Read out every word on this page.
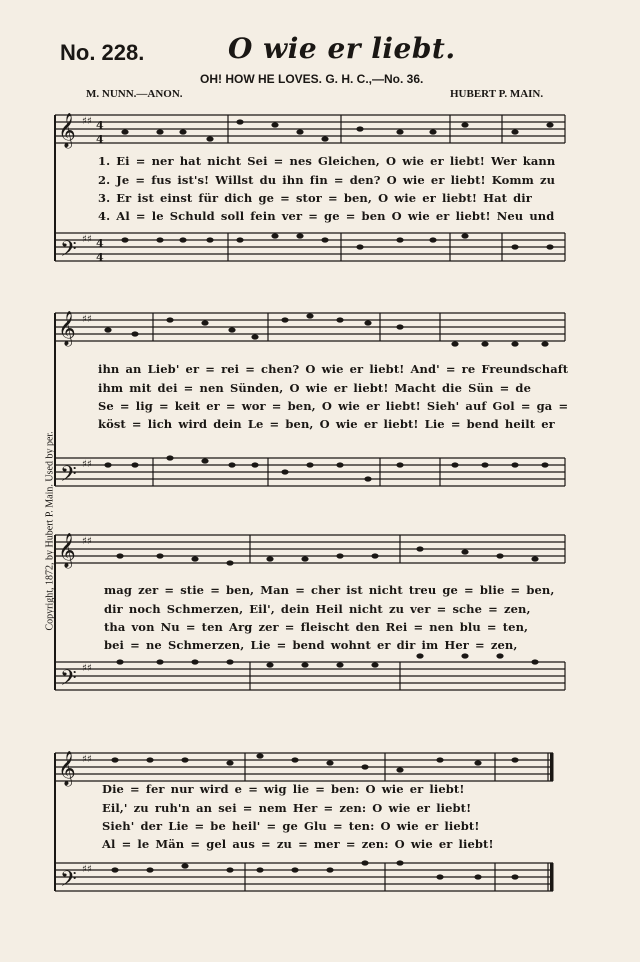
No. 228.	O wie er liebt.
OH! HOW HE LOVES. G. H. C.,—No. 36.
M. NUNN.—ANON.	HUBERT P. MAIN.
Copyright, 1872, by Hubert P. Main. Used by per.
𝄞
𝄢
♯♯
♯♯
4
4
4
4
1. Ei = ner hat nicht Sei = nes Gleichen, O wie er liebt! Wer kann
2. Je = fus ist's! Willst du ihn fin = den? O wie er liebt! Komm zu
3. Er ist einst für dich ge = stor = ben, O wie er liebt! Hat dir
4. Al = le Schuld soll fein ver = ge = ben O wie er liebt! Neu und
𝄞
𝄢
♯♯
♯♯
ihn an Lieb' er = rei = chen? O wie er liebt! And' = re Freundschaft
ihm mit dei = nen Sünden, O wie er liebt! Macht die Sün = de
Se = lig = keit er = wor = ben, O wie er liebt! Sieh' auf Gol = ga =
köst = lich wird dein Le = ben, O wie er liebt! Lie = bend heilt er
𝄞
𝄢
♯♯
♯♯
mag zer = stie = ben, Man = cher ist nicht treu ge = blie = ben,
dir noch Schmerzen, Eil', dein Heil nicht zu ver = sche = zen,
tha von Nu = ten Arg zer = fleischt den Rei = nen blu = ten,
bei = ne Schmerzen, Lie = bend wohnt er dir im Her = zen,
𝄞
𝄢
♯♯
♯♯
Die = fer nur wird e = wig lie = ben: O wie er liebt!
Eil,' zu ruh'n an sei = nem Her = zen: O wie er liebt!
Sieh' der Lie = be heil' = ge Glu = ten: O wie er liebt!
Al = le Män = gel aus = zu = mer = zen: O wie er liebt!
